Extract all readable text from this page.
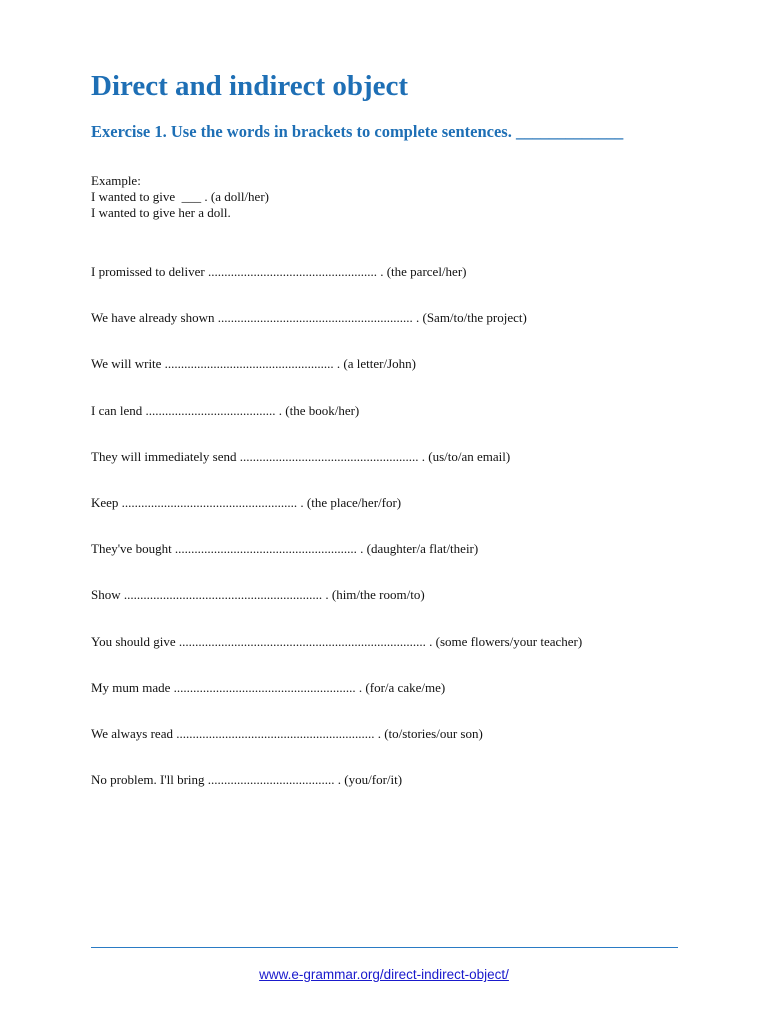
Direct and indirect object
Exercise 1. Use the words in brackets to complete sentences. _____________
Example:
I wanted to give  ___ . (a doll/her)
I wanted to give her a doll.
I promissed to deliver .................................................... . (the parcel/her)
We have already shown ............................................................ . (Sam/to/the project)
We will write .................................................... . (a letter/John)
I can lend ........................................ . (the book/her)
They will immediately send ....................................................... . (us/to/an email)
Keep ...................................................... . (the place/her/for)
They've bought ........................................................ . (daughter/a flat/their)
Show ............................................................. . (him/the room/to)
You should give ............................................................................ . (some flowers/your teacher)
My mum made ........................................................ . (for/a cake/me)
We always read ............................................................. . (to/stories/our son)
No problem. I'll bring ....................................... . (you/for/it)
www.e-grammar.org/direct-indirect-object/
